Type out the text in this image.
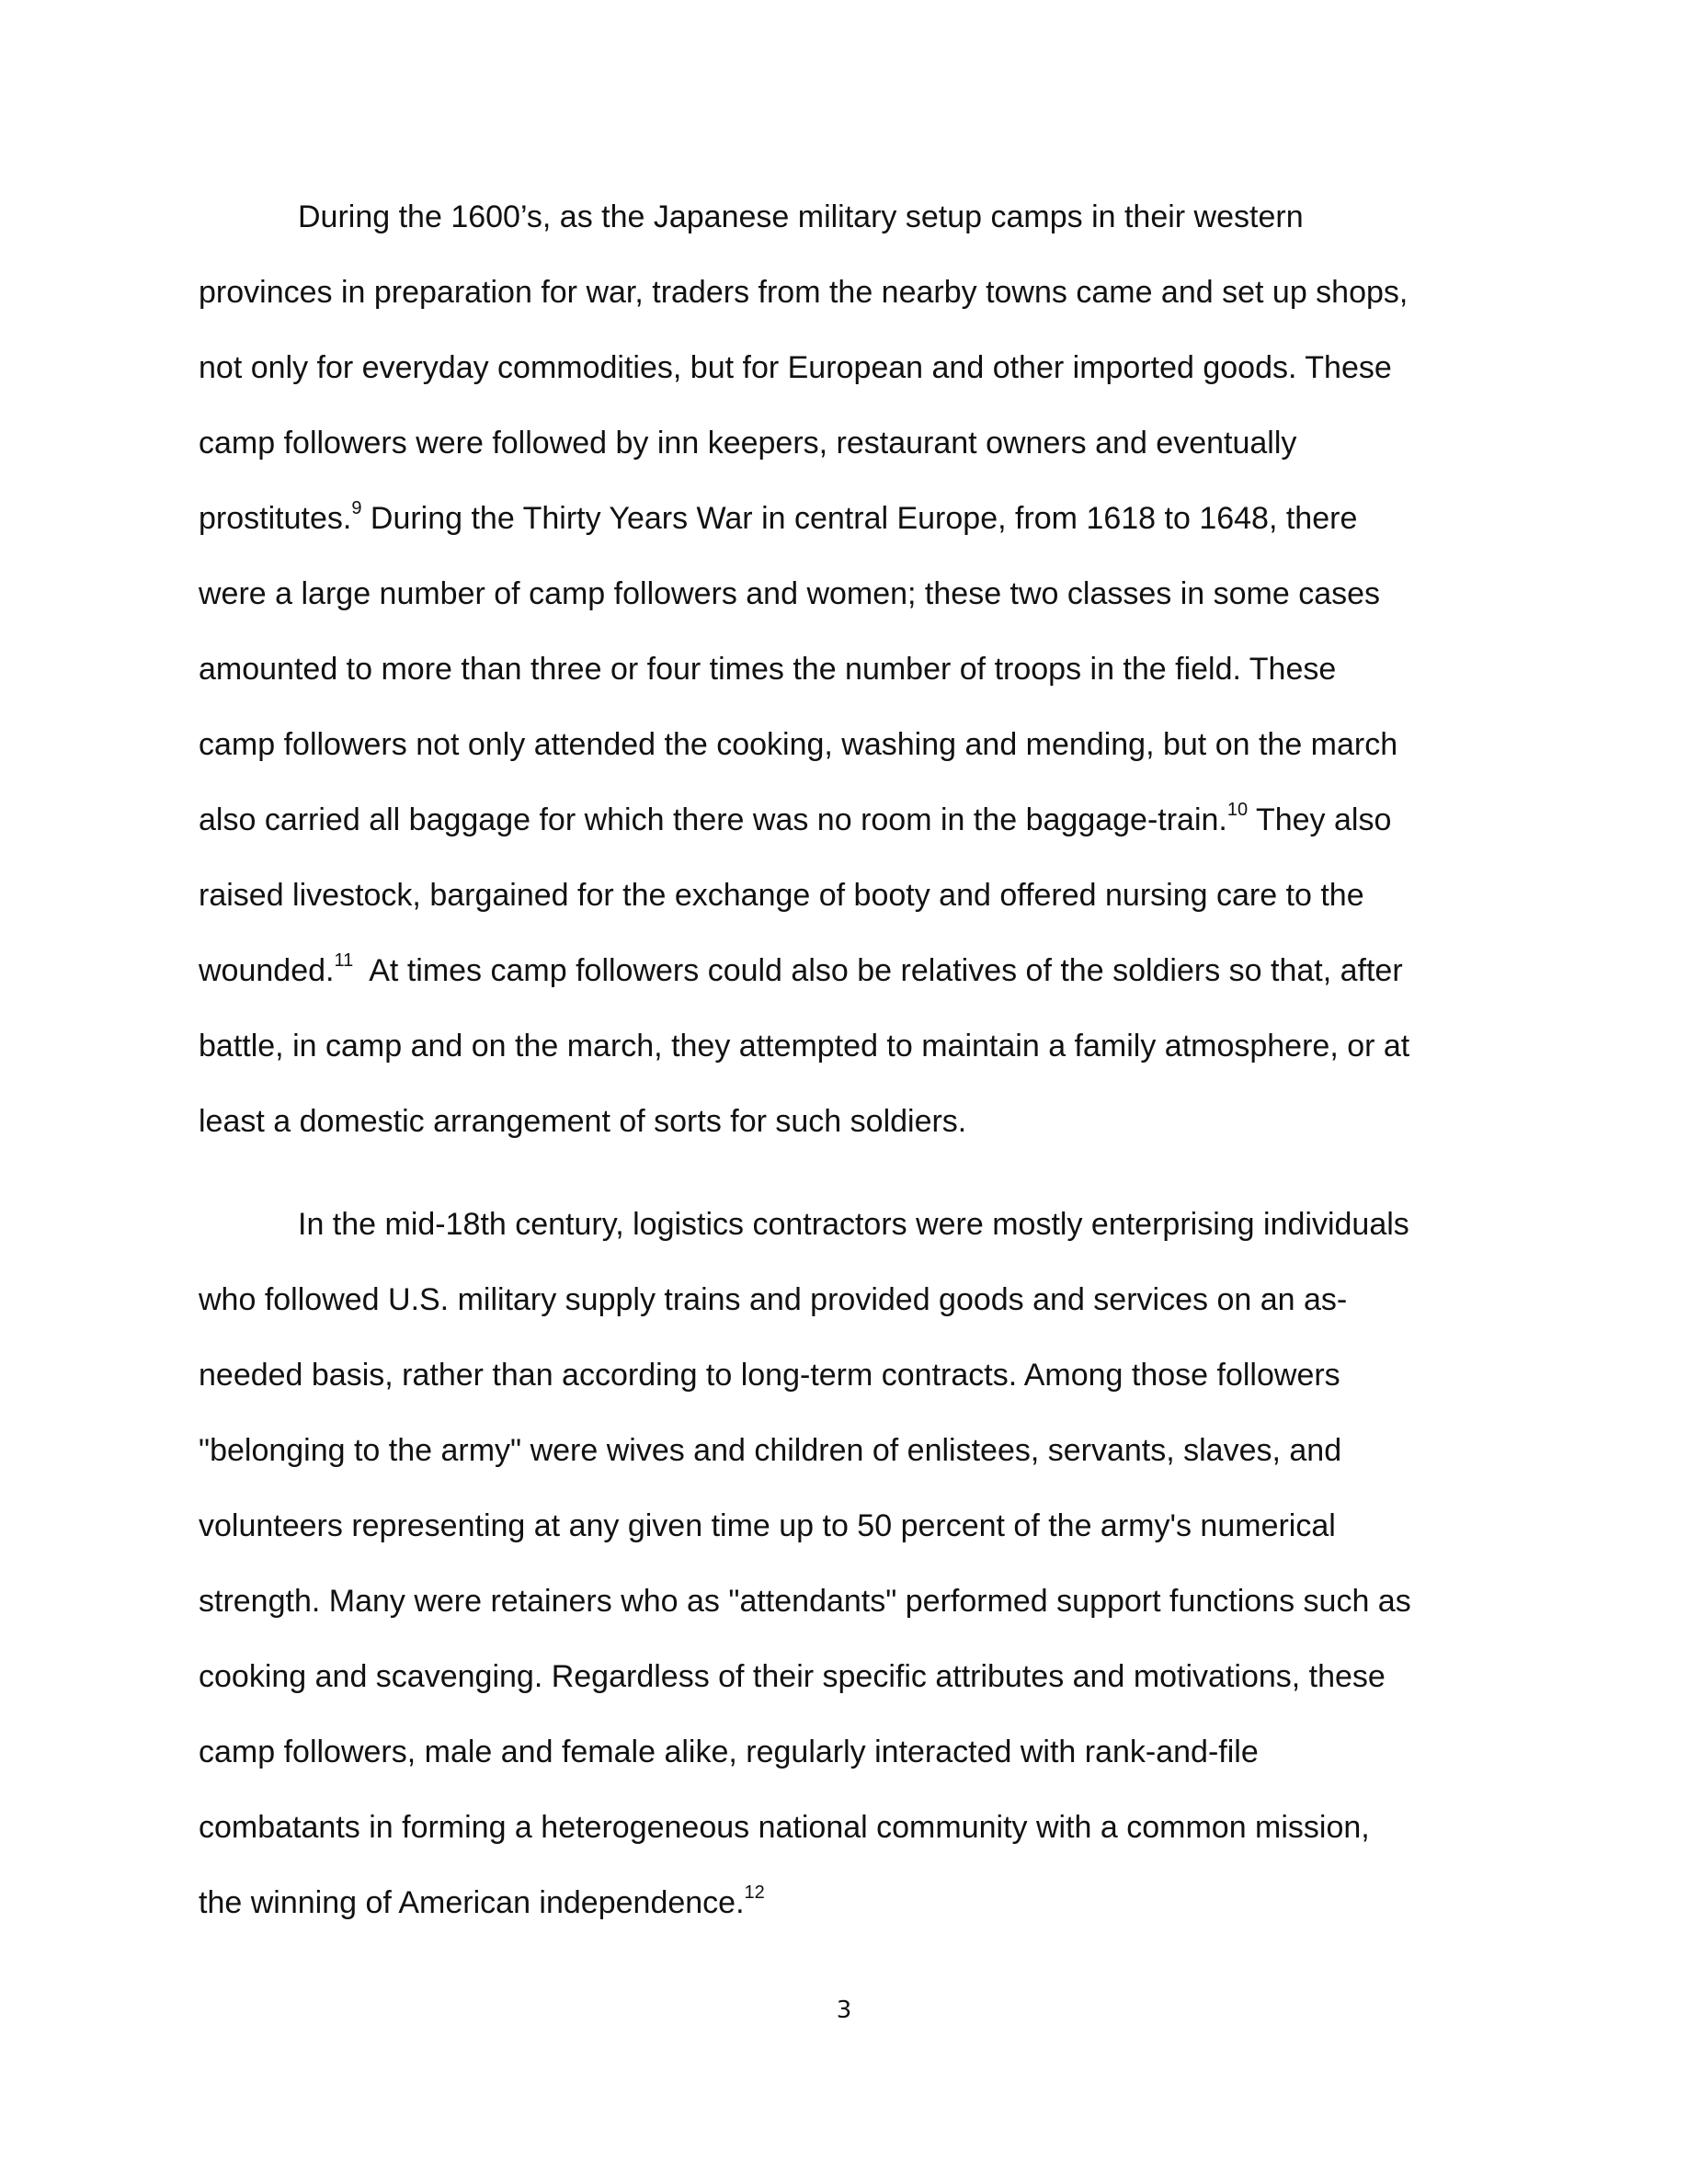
During the 1600’s, as the Japanese military setup camps in their western
provinces in preparation for war, traders from the nearby towns came and set up shops,
not only for everyday commodities, but for European and other imported goods. These
camp followers were followed by inn keepers, restaurant owners and eventually
prostitutes.$^9$ During the Thirty Years War in central Europe, from 1618 to 1648, there
were a large number of camp followers and women; these two classes in some cases
amounted to more than three or four times the number of troops in the field. These
camp followers not only attended the cooking, washing and mending, but on the march
also carried all baggage for which there was no room in the baggage-train.$^{10}$ They also
raised livestock, bargained for the exchange of booty and offered nursing care to the
wounded.$^{11}$  At times camp followers could also be relatives of the soldiers so that, after
battle, in camp and on the march, they attempted to maintain a family atmosphere, or at
least a domestic arrangement of sorts for such soldiers.
In the mid-18th century, logistics contractors were mostly enterprising individuals
who followed U.S. military supply trains and provided goods and services on an as-
needed basis, rather than according to long-term contracts. Among those followers
"belonging to the army" were wives and children of enlistees, servants, slaves, and
volunteers representing at any given time up to 50 percent of the army's numerical
strength. Many were retainers who as "attendants" performed support functions such as
cooking and scavenging. Regardless of their specific attributes and motivations, these
camp followers, male and female alike, regularly interacted with rank-and-file
combatants in forming a heterogeneous national community with a common mission,
the winning of American independence.$^{12}$
3
